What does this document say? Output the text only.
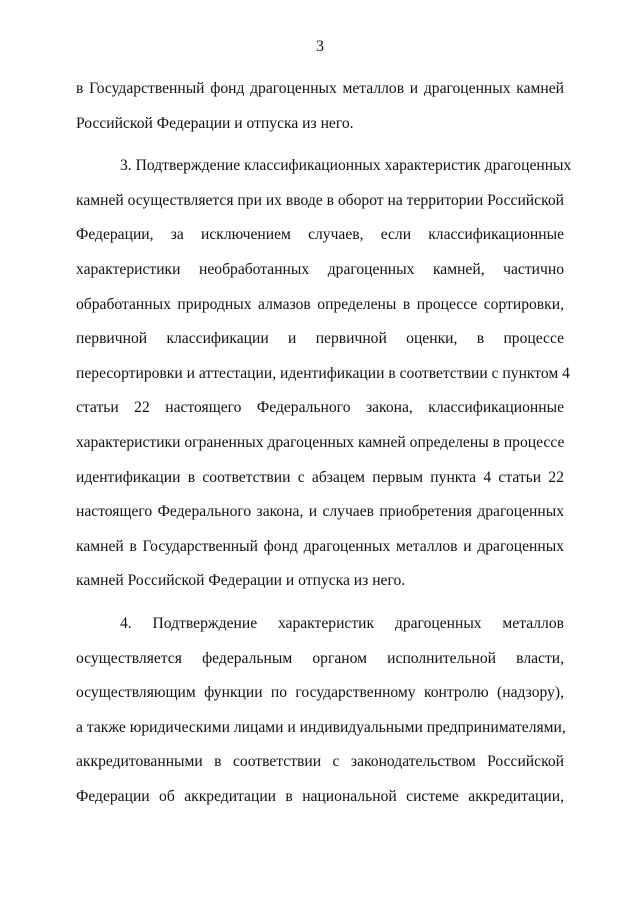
3
в Государственный фонд драгоценных металлов и драгоценных камней
Российской Федерации и отпуска из него.
3. Подтверждение классификационных характеристик драгоценных
камней осуществляется при их вводе в оборот на территории Российской
Федерации, за исключением случаев, если классификационные
характеристики необработанных драгоценных камней, частично
обработанных природных алмазов определены в процессе сортировки,
первичной классификации и первичной оценки, в процессе
пересортировки и аттестации, идентификации в соответствии с пунктом 4
статьи 22 настоящего Федерального закона, классификационные
характеристики ограненных драгоценных камней определены в процессе
идентификации в соответствии с абзацем первым пункта 4 статьи 22
настоящего Федерального закона, и случаев приобретения драгоценных
камней в Государственный фонд драгоценных металлов и драгоценных
камней Российской Федерации и отпуска из него.
4. Подтверждение характеристик драгоценных металлов
осуществляется федеральным органом исполнительной власти,
осуществляющим функции по государственному контролю (надзору),
а также юридическими лицами и индивидуальными предпринимателями,
аккредитованными в соответствии с законодательством Российской
Федерации об аккредитации в национальной системе аккредитации,
